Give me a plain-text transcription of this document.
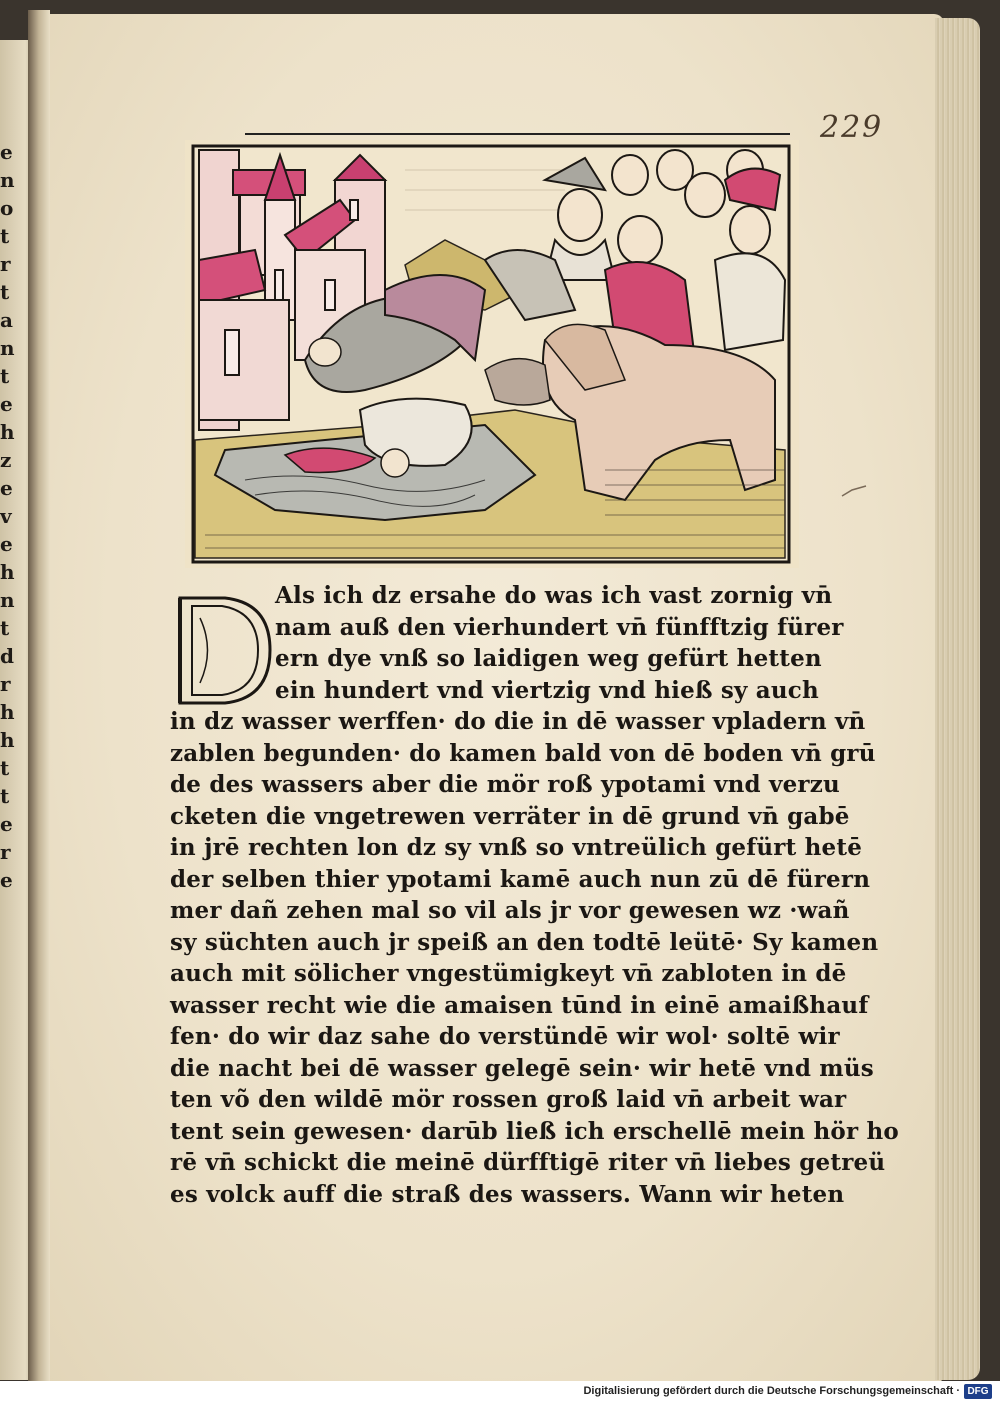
e
n
o
t
r
t
a
n
t
e
h
z
e
v
e
h
n
t
d
r
h
h
t
t
e
r
e
229
Als ich dz ersahe do was ich vast zornig vn̄
nam auß den vierhundert vn̄ fünfftzig fürer
ern dye vnß so laidigen weg gefürt hetten
ein hundert vnd viertzig vnd hieß sy auch
in dz wasser werffen· do die in dē wasser vpladern vn̄
zablen begunden· do kamen bald von dē boden vn̄ grū
de des wassers aber die mör roß ypotami vnd verzu
cketen die vngetrewen verräter in dē grund vn̄ gabē
in jrē rechten lon dz sy vnß so vntreülich gefürt hetē
der selben thier ypotami kamē auch nun zū dē fürern
mer dañ zehen mal so vil als jr vor gewesen wz ·wañ
sy süchten auch jr speiß an den todtē leütē· Sy kamen
auch mit sölicher vngestümigkeyt vn̄ zabloten in dē
wasser recht wie die amaisen tūnd in einē amaißhauf
fen· do wir daz sahe do verstündē wir wol· soltē wir
die nacht bei dē wasser gelegē sein· wir hetē vnd müs
ten võ den wildē mör rossen groß laid vn̄ arbeit war
tent sein gewesen· darūb ließ ich erschellē mein hör ho
rē vn̄ schickt die meinē dürfftigē riter vn̄ liebes getreü
es volck auff die straß des wassers. Wann wir heten
Digitalisierung gefördert durch die Deutsche Forschungsgemeinschaft · DFG
